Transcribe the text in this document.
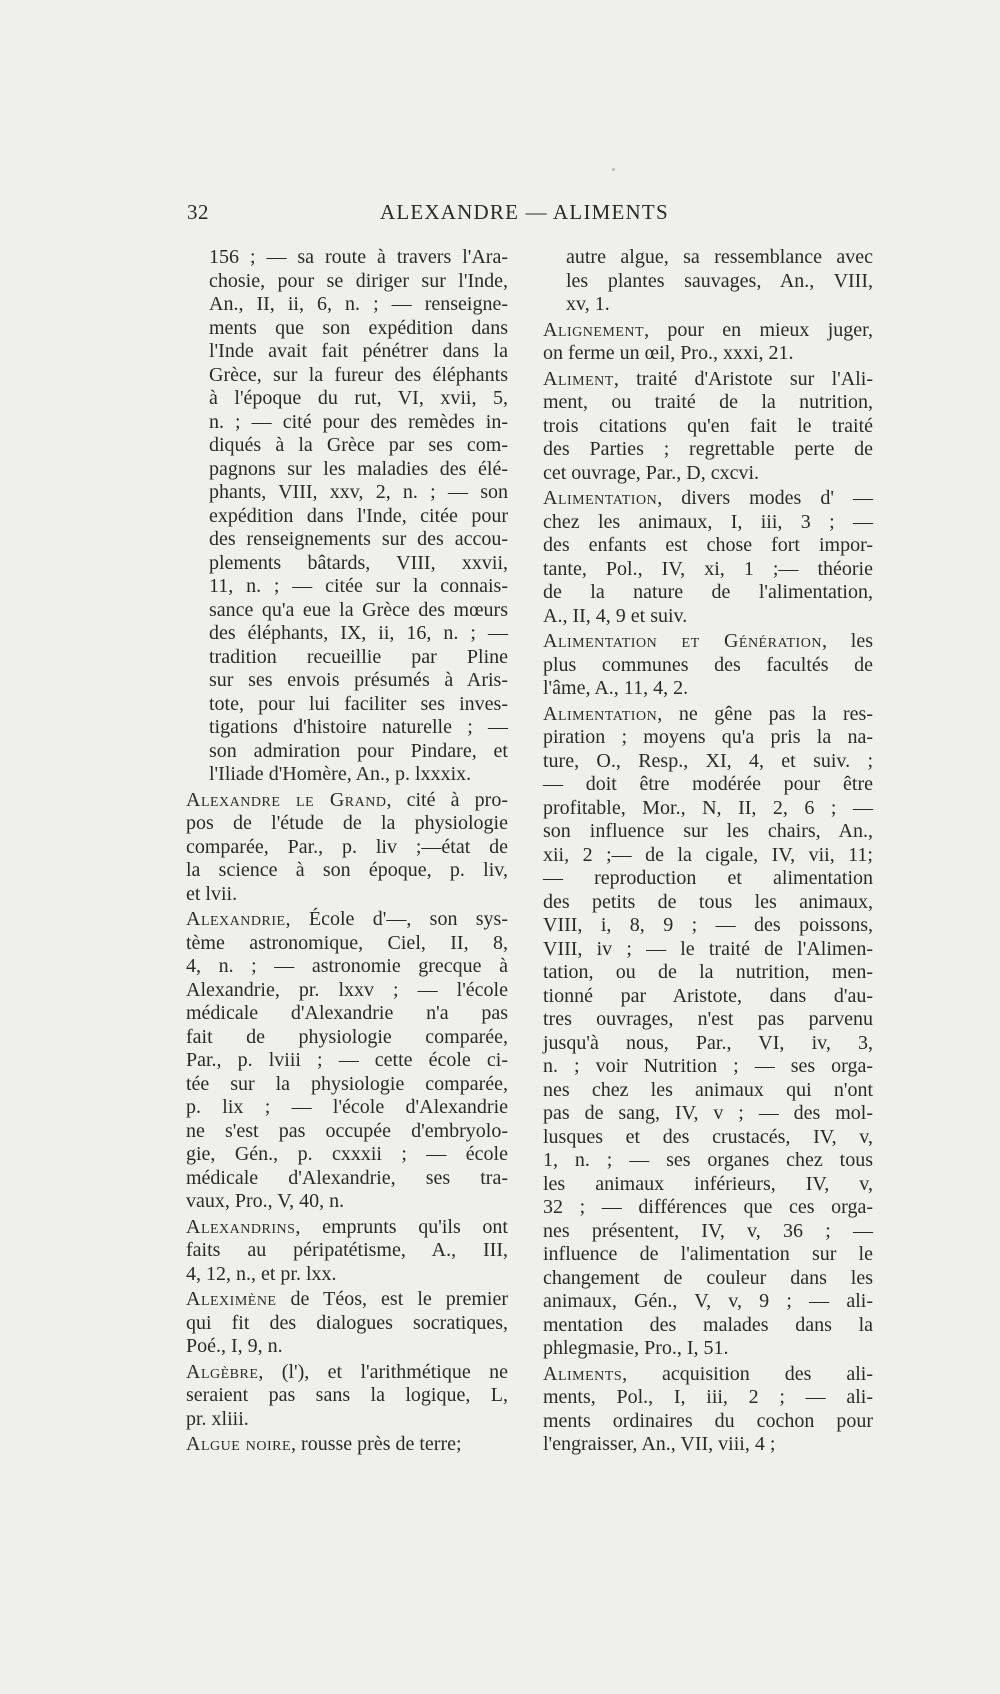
32	ALEXANDRE — ALIMENTS
156 ; — sa route à travers l'Ara-
chosie, pour se diriger sur l'Inde,
An., II, ii, 6, n. ; — renseigne-
ments que son expédition dans
l'Inde avait fait pénétrer dans la
Grèce, sur la fureur des éléphants
à l'époque du rut, VI, xvii, 5,
n. ; — cité pour des remèdes in-
diqués à la Grèce par ses com-
pagnons sur les maladies des élé-
phants, VIII, xxv, 2, n. ; — son
expédition dans l'Inde, citée pour
des renseignements sur des accou-
plements bâtards, VIII, xxvii,
11, n. ; — citée sur la connais-
sance qu'a eue la Grèce des mœurs
des éléphants, IX, ii, 16, n. ; —
tradition recueillie par Pline
sur ses envois présumés à Aris-
tote, pour lui faciliter ses inves-
tigations d'histoire naturelle ; —
son admiration pour Pindare, et
l'Iliade d'Homère, An., p. lxxxix.
Alexandre le Grand, cité à pro-
pos de l'étude de la physiologie
comparée, Par., p. liv ;—état de
la science à son époque, p. liv,
et lvii.
Alexandrie, École d'—, son sys-
tème astronomique, Ciel, II, 8,
4, n. ; — astronomie grecque à
Alexandrie, pr. lxxv ; — l'école
médicale d'Alexandrie n'a pas
fait de physiologie comparée,
Par., p. lviii ; — cette école ci-
tée sur la physiologie comparée,
p. lix ; — l'école d'Alexandrie
ne s'est pas occupée d'embryolo-
gie, Gén., p. cxxxii ; — école
médicale d'Alexandrie, ses tra-
vaux, Pro., V, 40, n.
Alexandrins, emprunts qu'ils ont
faits au péripatétisme, A., III,
4, 12, n., et pr. lxx.
Aleximène de Téos, est le premier
qui fit des dialogues socratiques,
Poé., I, 9, n.
Algèbre, (l'), et l'arithmétique ne
seraient pas sans la logique, L,
pr. xliii.
Algue noire, rousse près de terre;
autre algue, sa ressemblance avec
les plantes sauvages, An., VIII,
xv, 1.
Alignement, pour en mieux juger,
on ferme un œil, Pro., xxxi, 21.
Aliment, traité d'Aristote sur l'Ali-
ment, ou traité de la nutrition,
trois citations qu'en fait le traité
des Parties ; regrettable perte de
cet ouvrage, Par., D, cxcvi.
Alimentation, divers modes d' —
chez les animaux, I, iii, 3 ; —
des enfants est chose fort impor-
tante, Pol., IV, xi, 1 ;— théorie
de la nature de l'alimentation,
A., II, 4, 9 et suiv.
Alimentation et Génération, les
plus communes des facultés de
l'âme, A., 11, 4, 2.
Alimentation, ne gêne pas la res-
piration ; moyens qu'a pris la na-
ture, O., Resp., XI, 4, et suiv. ;
— doit être modérée pour être
profitable, Mor., N, II, 2, 6 ; —
son influence sur les chairs, An.,
xii, 2 ;— de la cigale, IV, vii, 11;
— reproduction et alimentation
des petits de tous les animaux,
VIII, i, 8, 9 ; — des poissons,
VIII, iv ; — le traité de l'Alimen-
tation, ou de la nutrition, men-
tionné par Aristote, dans d'au-
tres ouvrages, n'est pas parvenu
jusqu'à nous, Par., VI, iv, 3,
n. ; voir Nutrition ; — ses orga-
nes chez les animaux qui n'ont
pas de sang, IV, v ; — des mol-
lusques et des crustacés, IV, v,
1, n. ; — ses organes chez tous
les animaux inférieurs, IV, v,
32 ; — différences que ces orga-
nes présentent, IV, v, 36 ; —
influence de l'alimentation sur le
changement de couleur dans les
animaux, Gén., V, v, 9 ; — ali-
mentation des malades dans la
phlegmasie, Pro., I, 51.
Aliments, acquisition des ali-
ments, Pol., I, iii, 2 ; — ali-
ments ordinaires du cochon pour
l'engraisser, An., VII, viii, 4 ;
